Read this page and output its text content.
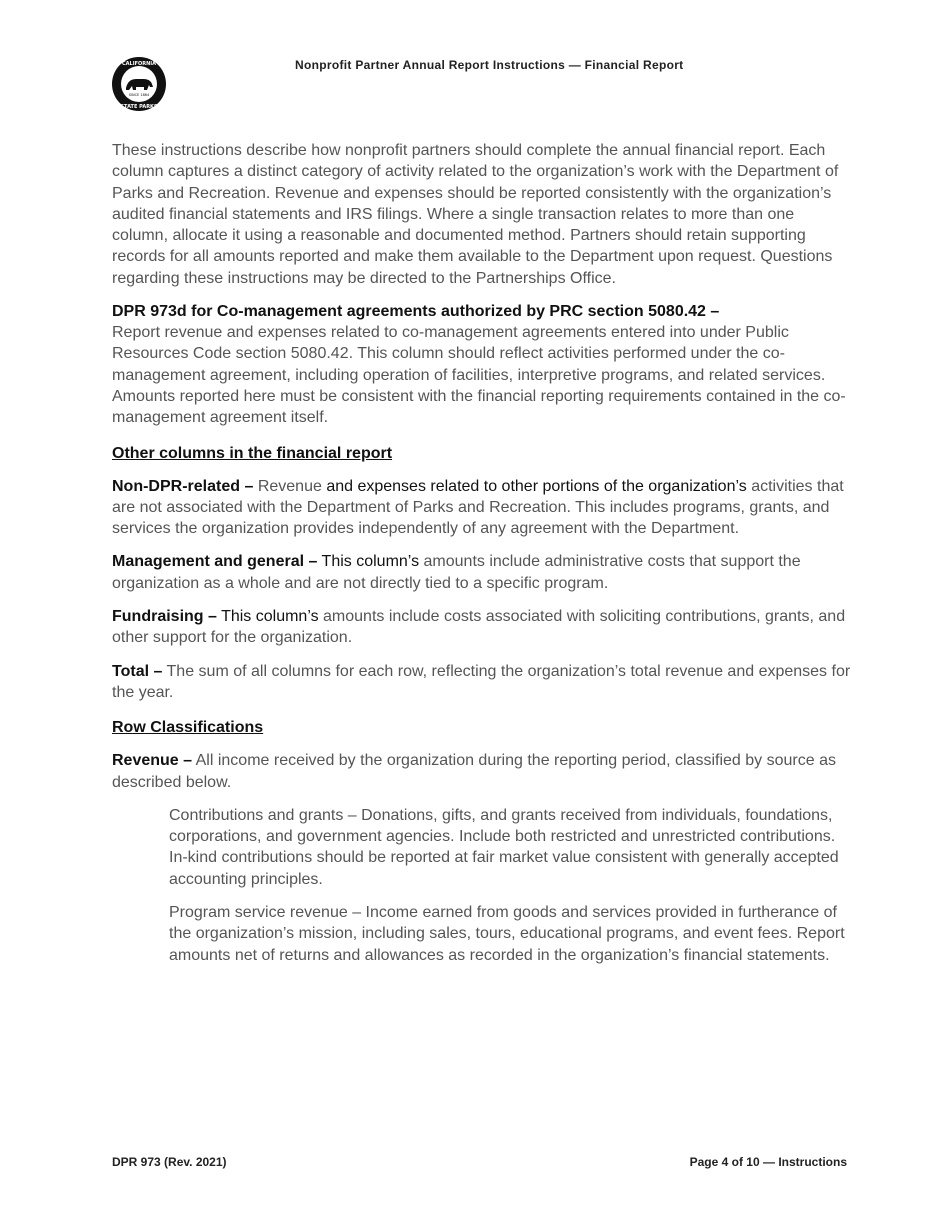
SINCE 1864
CALIFORNIA
STATE PARKS
Nonprofit Partner Annual Report Instructions — Financial Report

These instructions describe how nonprofit partners should complete the annual financial report. Each column captures a distinct category of activity related to the organization’s work with the Department of Parks and Recreation. Revenue and expenses should be reported consistently with the organization’s audited financial statements and IRS filings. Where a single transaction relates to more than one column, allocate it using a reasonable and documented method. Partners should retain supporting records for all amounts reported and make them available to the Department upon request. Questions regarding these instructions may be directed to the Partnerships Office.

DPR 973d for Co-management agreements authorized by PRC section 5080.42 –

Report revenue and expenses related to co-management agreements entered into under Public Resources Code section 5080.42. This column should reflect activities performed under the co-management agreement, including operation of facilities, interpretive programs, and related services. Amounts reported here must be consistent with the financial reporting requirements contained in the co-management agreement itself.

Other columns in the financial report

Non-DPR-related – Revenue and expenses related to other portions of the organization’s activities that are not associated with the Department of Parks and Recreation. This includes programs, grants, and services the organization provides independently of any agreement with the Department.

Management and general – This column’s amounts include administrative costs that support the organization as a whole and are not directly tied to a specific program.

Fundraising – This column’s amounts include costs associated with soliciting contributions, grants, and other support for the organization.

Total – The sum of all columns for each row, reflecting the organization’s total revenue and expenses for the year.

Row Classifications

Revenue – All income received by the organization during the reporting period, classified by source as described below.

Contributions and grants – Donations, gifts, and grants received from individuals, foundations, corporations, and government agencies. Include both restricted and unrestricted contributions. In-kind contributions should be reported at fair market value consistent with generally accepted accounting principles.

Program service revenue – Income earned from goods and services provided in furtherance of the organization’s mission, including sales, tours, educational programs, and event fees. Report amounts net of returns and allowances as recorded in the organization’s financial statements.

DPR 973 (Rev. 2021)	Page 4 of 10 — Instructions
